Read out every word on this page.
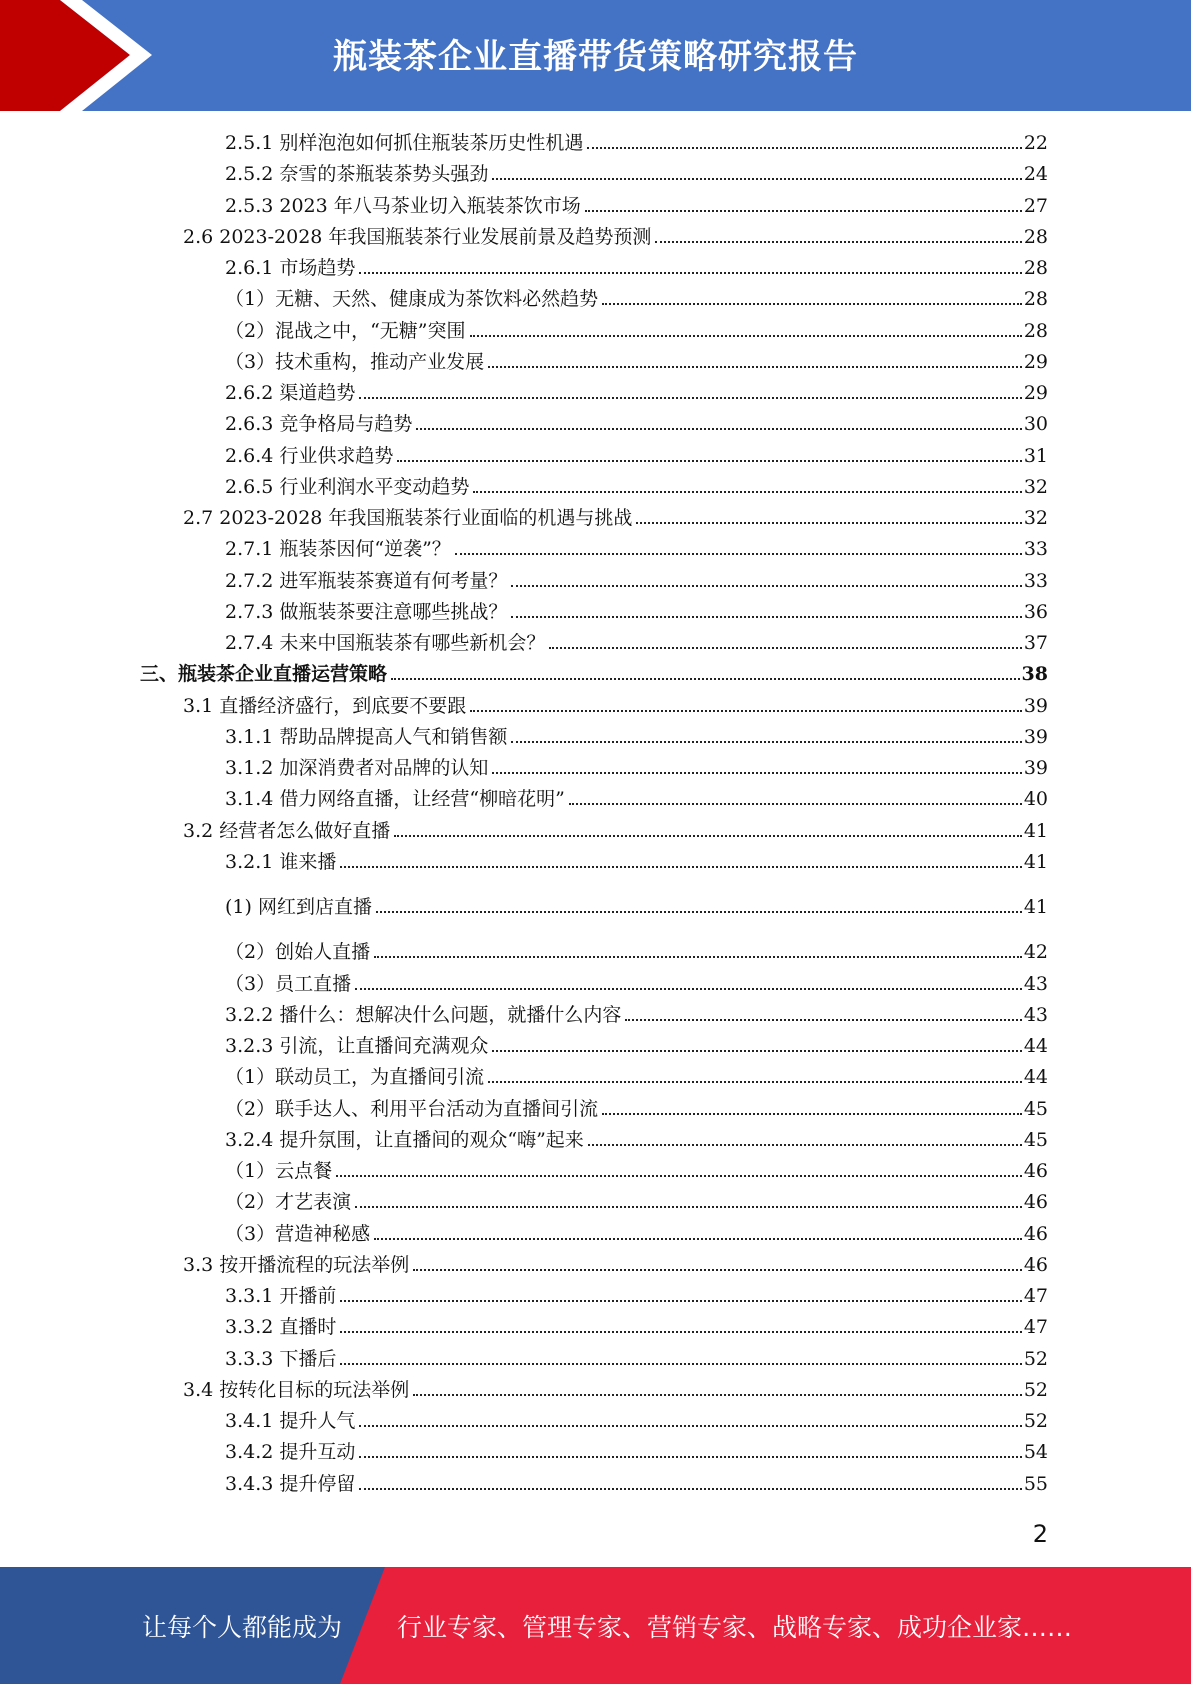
瓶装茶企业直播带货策略研究报告
2.5.1 别样泡泡如何抓住瓶装茶历史性机遇	22
2.5.2 奈雪的茶瓶装茶势头强劲	24
2.5.3 2023 年八马茶业切入瓶装茶饮市场	27
2.6 2023-2028 年我国瓶装茶行业发展前景及趋势预测	28
2.6.1 市场趋势	28
（1）无糖、天然、健康成为茶饮料必然趋势	28
（2）混战之中，“无糖”突围	28
（3）技术重构，推动产业发展	29
2.6.2 渠道趋势	29
2.6.3 竞争格局与趋势	30
2.6.4 行业供求趋势	31
2.6.5 行业利润水平变动趋势	32
2.7 2023-2028 年我国瓶装茶行业面临的机遇与挑战	32
2.7.1 瓶装茶因何“逆袭”？	33
2.7.2 进军瓶装茶赛道有何考量？	33
2.7.3 做瓶装茶要注意哪些挑战？	36
2.7.4 未来中国瓶装茶有哪些新机会？	37
三、瓶装茶企业直播运营策略	38
3.1 直播经济盛行，到底要不要跟	39
3.1.1 帮助品牌提高人气和销售额	39
3.1.2 加深消费者对品牌的认知	39
3.1.4 借力网络直播，让经营“柳暗花明”	40
3.2 经营者怎么做好直播	41
3.2.1 谁来播	41
(1) 网红到店直播	41
（2）创始人直播	42
（3）员工直播	43
3.2.2 播什么：想解决什么问题，就播什么内容	43
3.2.3 引流，让直播间充满观众	44
（1）联动员工，为直播间引流	44
（2）联手达人、利用平台活动为直播间引流	45
3.2.4 提升氛围，让直播间的观众“嗨”起来	45
（1）云点餐	46
（2）才艺表演	46
（3）营造神秘感	46
3.3 按开播流程的玩法举例	46
3.3.1 开播前	47
3.3.2 直播时	47
3.3.3 下播后	52
3.4 按转化目标的玩法举例	52
3.4.1 提升人气	52
3.4.2 提升互动	54
3.4.3 提升停留	55
2
让每个人都能成为 行业专家、管理专家、营销专家、战略专家、成功企业家……
